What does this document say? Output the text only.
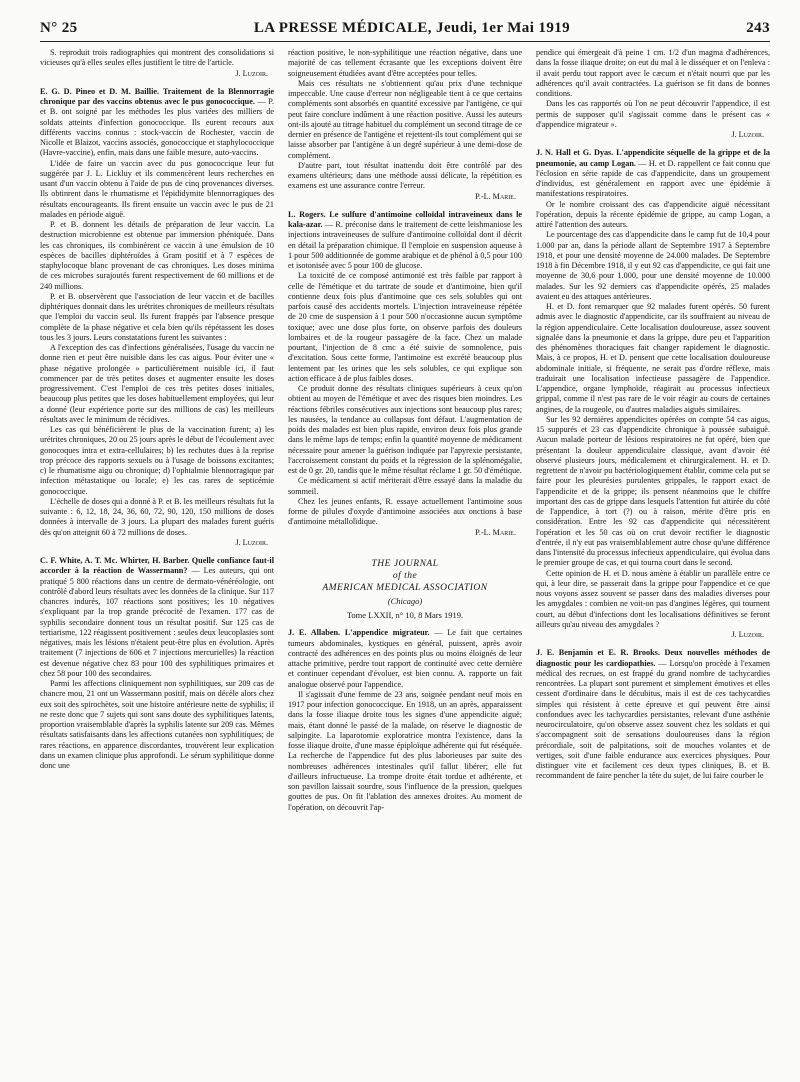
N° 25	LA PRESSE MÉDICALE, Jeudi, 1er Mai 1919	243

S. reproduit trois radiographies qui montrent des consolidations si vicieuses qu'à elles seules elles justifient le titre de l'article.

J. Luzoir.

E. G. D. Pineo et D. M. Baillie. Traitement de la Blennorragie chronique par des vaccins obtenus avec le pus gonococcique. — P. et B. ont soigné par les méthodes les plus variées des milliers de soldats atteints d'infection gonococcique. Ils eurent recours aux différents vaccins connus : stock-vaccin de Rochester, vaccin de Nicolle et Blaizot, vaccins associés, gonococcique et staphylococcique (Havre-vaccine), enfin, mais dans une faible mesure, auto-vaccins.

L'idée de faire un vaccin avec du pus gonococcique leur fut suggérée par J. L. Lickluy et ils commencèrent leurs recherches en usant d'un vaccin obtenu à l'aide de pus de cinq provenances diverses. Ils obtinrent dans le rhumatisme et l'épididymite blennorragiques des résultats encourageants. Ils firent ensuite un vaccin avec le pus de 21 malades en période aiguë.

P. et B. donnent les détails de préparation de leur vaccin. La destruction microbienne est obtenue par immersion phéniquée. Dans les cas chroniques, ils combinèrent ce vaccin à une émulsion de 10 espèces de bacilles diphtéroïdes à Gram positif et à 7 espèces de staphylocoque blanc provenant de cas chroniques. Les doses minima de ces microbes surajoutés furent respectivement de 60 millions et de 240 millions.

P. et B. observèrent que l'association de leur vaccin et de bacilles diphtériques donnait dans les urétrites chroniques de meilleurs résultats que l'emploi du vaccin seul. Ils furent frappés par l'absence presque complète de la phase négative et cela bien qu'ils répétassent les doses tous les 3 jours. Leurs constatations furent les suivantes :

A l'exception des cas d'infections généralisées, l'usage du vaccin ne donne rien et peut être nuisible dans les cas aigus. Pour éviter une « phase négative prolongée » particulièrement nuisible ici, il faut commencer par de très petites doses et augmenter ensuite les doses progressivement. C'est l'emploi de ces très petites doses initiales, beaucoup plus petites que les doses habituellement employées, qui leur a donné (leur expérience porte sur des millions de cas) les meilleurs résultats avec le minimum de récidives.

Les cas qui bénéficièrent le plus de la vaccination furent; a) les urétrites chroniques, 20 ou 25 jours après le début de l'écoulement avec gonocoques intra et extra-cellulaires; b) les rechutes dues à la reprise trop précoce des rapports sexuels ou à l'usage de boissons excitantes; c) le rhumatisme aigu ou chronique; d) l'ophtalmie blennorragique par infection métastatique ou locale; e) les cas rares de septicémie gonococcique.

L'échelle de doses qui a donné à P. et B. les meilleurs résultats fut la suivante : 6, 12, 18, 24, 36, 60, 72, 90, 120, 150 millions de doses données à intervalle de 3 jours. La plupart des malades furent guéris dès qu'on atteignit 60 à 72 millions de doses.

J. Luzoir.

C. F. White, A. T. Mc. Whirter, H. Barber. Quelle confiance faut-il accorder à la réaction de Wassermann? — Les auteurs, qui ont pratiqué 5 800 réactions dans un centre de dermato-vénéréologie, ont contrôlé d'abord leurs résultats avec les données de la clinique. Sur 117 chancres indurés, 107 réactions sont positives; les 10 négatives s'expliquant par la trop grande précocité de l'examen. 177 cas de syphilis secondaire donnent tous un résultat positif. Sur 125 cas de tertiarisme, 122 réagissent positivement : seules deux leucoplasies sont négatives, mais les lésions n'étaient peut-être plus en évolution. Après traitement (7 injections de 606 et 7 injections mercurielles) la réaction est devenue négative chez 83 pour 100 des syphilitiques primaires et chez 58 pour 100 des secondaires.

Parmi les affections cliniquement non syphilitiques, sur 209 cas de chancre mou, 21 ont un Wassermann positif, mais on décèle alors chez eux soit des spirochètes, soit une histoire antérieure nette de syphilis; il ne reste donc que 7 sujets qui sont sans doute des syphilitiques latents, proportion vraisemblable d'après la syphilis latente sur 209 cas. Mêmes résultats satisfaisants dans les affections cutanées non syphilitiques; de rares réactions, en apparence discordantes, trouvèrent leur explication dans un examen clinique plus approfondi. Le sérum syphilitique donne donc une

réaction positive, le non-syphilitique une réaction négative, dans une majorité de cas tellement écrasante que les exceptions doivent être soigneusement étudiées avant d'être acceptées pour telles.

Mais ces résultats ne s'obtiennent qu'au prix d'une technique impeccable. Une cause d'erreur non négligeable tient à ce que certains compléments sont absorbés en quantité excessive par l'antigène, ce qui peut faire conclure indûment à une réaction positive. Aussi les auteurs ont-ils ajouté au titrage habituel du complément un second titrage de ce dernier en présence de l'antigène et rejettent-ils tout complément qui se laisse absorber par l'antigène à un degré supérieur à une demi-dose de complément.

D'autre part, tout résultat inattendu doit être contrôlé par des examens ultérieurs; dans une méthode aussi délicate, la répétition es examens est une assurance contre l'erreur.

P.-L. Marie.

L. Rogers. Le sulfure d'antimoine colloïdal intraveineux dans le kala-azar. — R. préconise dans le traitement de cette leishmaniose les injections intraveineuses de sulfure d'antimoine colloïdal dont il décrit en détail la préparation chimique. Il l'emploie en suspension aqueuse à 1 pour 500 additionnée de gomme arabique et de phénol à 0,5 pour 100 et isotonisée avec 5 pour 100 de glucose.

La toxicité de ce composé antimonié est très faible par rapport à celle de l'émétique et du tartrate de soude et d'antimoine, bien qu'il contienne deux fois plus d'antimoine que ces sels solubles qui ont parfois causé des accidents mortels. L'injection intraveineuse répétée de 20 cme de suspension à 1 pour 500 n'occasionne aucun symptôme toxique; avec une dose plus forte, on observe parfois des douleurs lombaires et de la rougeur passagère de la face. Chez un malade pourtant, l'injection de 8 cmc a été suivie de somnolence, puis d'excitation. Sous cette forme, l'antimoine est excrété beaucoup plus lentement par les urines que les sels solubles, ce qui explique son action efficace à de plus faibles doses.

Ce produit donne des résultats cliniques supérieurs à ceux qu'on obtient au moyen de l'émétique et avec des risques bien moindres. Les réactions fébriles consécutives aux injections sont beaucoup plus rares; les nausées, la tendance au collapsus font défaut. L'augmentation de poids des malades est bien plus rapide, environ deux fois plus grande dans le même laps de temps; enfin la quantité moyenne de médicament nécessaire pour amener la guérison indiquée par l'apyrexie persistante, l'accroissement constant du poids et la régression de la splénomégalie, est de 0 gr. 20, tandis que le même résultat réclame 1 gr. 50 d'émétique.

Ce médicament si actif mériterait d'être essayé dans la maladie du sommeil.

Chez les jeunes enfants, R. essaye actuellement l'antimoine sous forme de pilules d'oxyde d'antimoine associées aux onctions à base d'antimoine métallolïdique.

P.-L. Marie.
THE JOURNAL
of the
AMERICAN MEDICAL ASSOCIATION
(Chicago)
Tome LXXII, n° 10, 8 Mars 1919.

J. E. Allaben. L'appendice migrateur. — Le fait que certaines tumeurs abdominales, kystiques en général, puissent, après avoir contracté des adhérences en des points plus ou moins éloignés de leur attache primitive, perdre tout rapport de continuité avec cette dernière et continuer cependant d'évoluer, est bien connu. A. rapporte un fait analogue observé pour l'appendice.

Il s'agissait d'une femme de 23 ans, soignée pendant neuf mois en 1917 pour infection gonococcique. En 1918, un an après, apparaissent dans la fosse iliaque droite tous les signes d'une appendicite aiguë; mais, étant donné le passé de la malade, on réserve le diagnostic de salpingite. La laparotomie exploratrice montra l'existence, dans la fosse iliaque droite, d'une masse épiploïque adhérente qui fut réséquée. La recherche de l'appendice fut des plus laborieuses par suite des nombreuses adhérences intestinales qu'il fallut libérer; elle fut d'ailleurs infructueuse. La trompe droite était tordue et adhérente, et son pavillon laissait sourdre, sous l'influence de la pression, quelques gouttes de pus. On fit l'ablation des annexes droites. Au moment de l'opération, on découvrit l'ap-

pendice qui émergeait d'à peine 1 cm. 1/2 d'un magma d'adhérences, dans la fosse iliaque droite; on eut du mal à le disséquer et on l'enleva : il avait perdu tout rapport avec le cæcum et n'était nourri que par les adhérences qu'il avait contractées. La guérison se fit dans de bonnes conditions.

Dans les cas rapportés où l'on ne peut découvrir l'appendice, il est permis de supposer qu'il s'agissait comme dans le présent cas « d'appendice migrateur ».

J. Luzoir.

J. N. Hall et G. Dyas. L'appendicite séquelle de la grippe et de la pneumonie, au camp Logan. — H. et D. rappellent ce fait connu que l'éclosion en série rapide de cas d'appendicite, dans un groupement d'individus, est généralement en rapport avec une épidémie à manifestations respiratoires.

Or le nombre croissant des cas d'appendicite aiguë nécessitant l'opération, depuis la récente épidémie de grippe, au camp Logan, a attiré l'attention des auteurs.

Le pourcentage des cas d'appendicite dans le camp fut de 10,4 pour 1.000 par an, dans la période allant de Septembre 1917 à Septembre 1918, et pour une densité moyenne de 24.000 malades. De Septembre 1918 à fin Décembre 1918, il y eut 92 cas d'appendicite, ce qui fait une moyenne de 30,6 pour 1.000, pour une densité moyenne de 10.000 malades. Sur les 92 derniers cas d'appendicite opérés, 25 malades avaient eu des attaques antérieures.

H. et D. font remarquer que 92 malades furent opérés. 50 furent admis avec le diagnostic d'appendicite, car ils souffraient au niveau de la région appendiculaire. Cette localisation douloureuse, assez souvent signalée dans la pneumonie et dans la grippe, dure peu et l'apparition des phénomènes thoraciques fait changer rapidement le diagnostic. Mais, à ce propos, H. et D. pensent que cette localisation douloureuse abdominale initiale, si fréquente, ne serait pas d'ordre réflexe, mais traduirait une localisation infectieuse passagère de l'appendice. L'appendice, organe lymphoïde, réagirait au processus infectieux grippal, comme il n'est pas rare de le voir réagir au cours de certaines angines, de la rougeole, ou d'autres maladies aiguës similaires.

Sur les 92 dernières appendicites opérées on compte 54 cas aigus, 15 suppurés et 23 cas d'appendicite chronique à poussée subaiguë. Aucun malade porteur de lésions respiratoires ne fut opéré, bien que présentant la douleur appendiculaire classique, avant d'avoir été observé plusieurs jours, médicalement et chirurgicalement. H. et D. regrettent de n'avoir pu bactériologiquement établir, comme cela put se faire pour les pleurésies purulentes grippales, le rapport exact de l'appendicite et de la grippe; ils pensent néanmoins que le chiffre important des cas de grippe dans lesquels l'attention fut attirée du côté de l'appendice, à tort (?) ou à raison, mérite d'être pris en considération. Entre les 92 cas d'appendicite qui nécessitèrent l'opération et les 50 cas où on crut devoir rectifier le diagnostic d'entrée, il n'y eut pas vraisemblablement autre chose qu'une différence dans l'intensité du processus infectieux appendiculaire, qui évolua dans le premier groupe de cas, et qui tourna court dans le second.

Cette opinion de H. et D. nous amène à établir un parallèle entre ce qui, à leur dire, se passerait dans la grippe pour l'appendice et ce que nous voyons assez souvent se passer dans des maladies diverses pour les amygdales : combien ne voit-on pas d'angines légères, qui tournent court, au début d'infections dont les localisations définitives se feront ailleurs qu'au niveau des amygdales ?

J. Luzoir.

J. E. Benjamin et E. R. Brooks. Deux nouvelles méthodes de diagnostic pour les cardiopathies. — Lorsqu'on procède à l'examen médical des recrues, on est frappé du grand nombre de tachycardies rencontrées. La plupart sont purement et simplement émotives et elles cessent d'ordinaire dans le décubitus, mais il est de ces tachycardies simples qui résistent à cette épreuve et qui peuvent être ainsi confondues avec les tachycardies persistantes, relevant d'une asthénie neurocirculatoire, qu'on observe assez souvent chez les soldats et qui s'accompagnent soit de sensations douloureuses dans la région précordiale, soit de palpitations, soit de mouches volantes et de vertiges, soit d'une faible endurance aux exercices physiques. Pour distinguer vite et facilement ces deux types cliniques, B. et B. recommandent de faire pencher la tête du sujet, de lui faire courber le
